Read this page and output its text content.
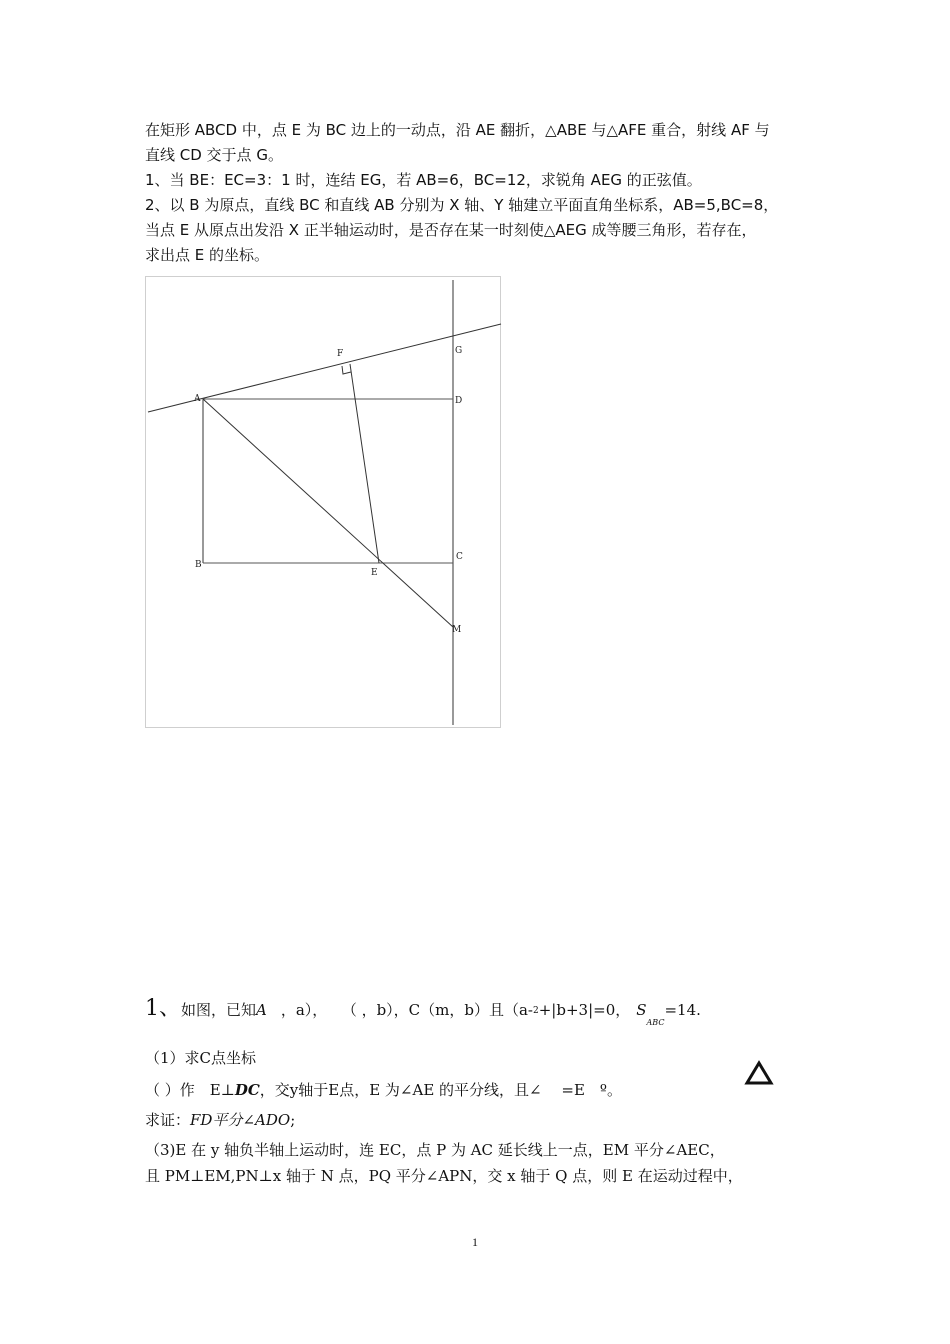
在矩形 ABCD 中，点 E 为 BC 边上的一动点，沿 AE 翻折，△ABE 与△AFE 重合，射线 AF 与
直线 CD 交于点 G。
1、当 BE：EC=3：1 时，连结 EG，若 AB=6，BC=12，求锐角 AEG 的正弦值。
2、以 B 为原点，直线 BC 和直线 AB 分别为 X 轴、Y 轴建立平面直角坐标系，AB=5,BC=8，
当点 E 从原点出发沿 X 正半轴运动时，是否存在某一时刻使△AEG 成等腰三角形，若存在，
求出点 E 的坐标。
F	G
A	D
B
E
C
M
1、如图，已知A ，a）， （ ，b），C（m，b）且（a-2+|b+3|=0， $S_{ABC}=14$.
（1）求C点坐标
（ ）作　E⊥DC，交y轴于E点，E 为∠AE 的平分线，且∠　 =E　º。
求证：FD平分∠ADO;
（3)E 在 y 轴负半轴上运动时，连 EC，点 P 为 AC 延长线上一点，EM 平分∠AEC，
且 PM⊥EM,PN⊥x 轴于 N 点，PQ 平分∠APN，交 x 轴于 Q 点，则 E 在运动过程中，
1
